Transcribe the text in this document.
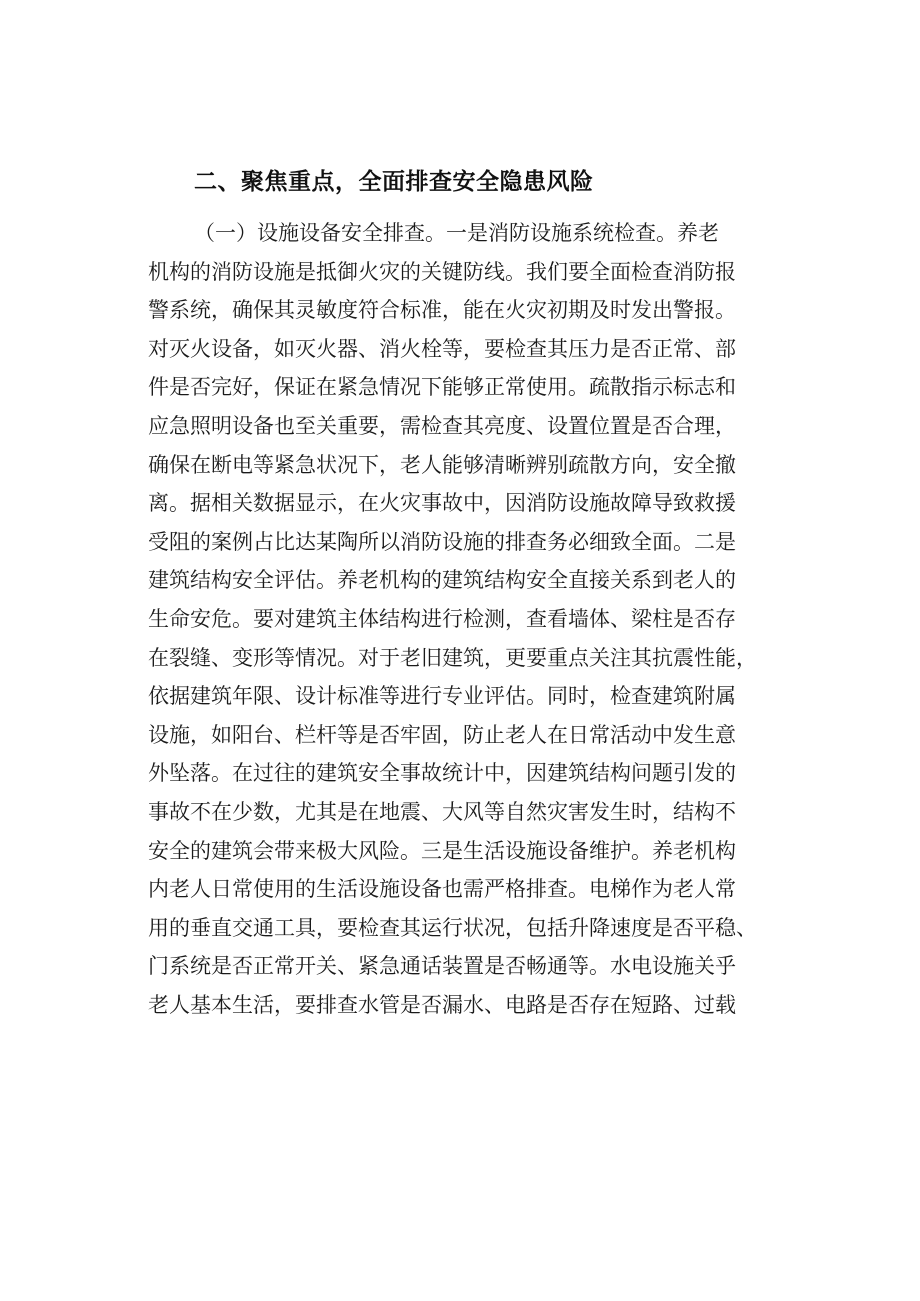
二、聚焦重点，全面排查安全隐患风险
（一）设施设备安全排查。一是消防设施系统检查。养老
机构的消防设施是抵御火灾的关键防线。我们要全面检查消防报
警系统，确保其灵敏度符合标准，能在火灾初期及时发出警报。
对灭火设备，如灭火器、消火栓等，要检查其压力是否正常、部
件是否完好，保证在紧急情况下能够正常使用。疏散指示标志和
应急照明设备也至关重要，需检查其亮度、设置位置是否合理，
确保在断电等紧急状况下，老人能够清晰辨别疏散方向，安全撤
离。据相关数据显示，在火灾事故中，因消防设施故障导致救援
受阻的案例占比达某陶所以消防设施的排查务必细致全面。二是
建筑结构安全评估。养老机构的建筑结构安全直接关系到老人的
生命安危。要对建筑主体结构进行检测，查看墙体、梁柱是否存
在裂缝、变形等情况。对于老旧建筑，更要重点关注其抗震性能，
依据建筑年限、设计标准等进行专业评估。同时，检查建筑附属
设施，如阳台、栏杆等是否牢固，防止老人在日常活动中发生意
外坠落。在过往的建筑安全事故统计中，因建筑结构问题引发的
事故不在少数，尤其是在地震、大风等自然灾害发生时，结构不
安全的建筑会带来极大风险。三是生活设施设备维护。养老机构
内老人日常使用的生活设施设备也需严格排查。电梯作为老人常
用的垂直交通工具，要检查其运行状况，包括升降速度是否平稳、
门系统是否正常开关、紧急通话装置是否畅通等。水电设施关乎
老人基本生活，要排查水管是否漏水、电路是否存在短路、过载
